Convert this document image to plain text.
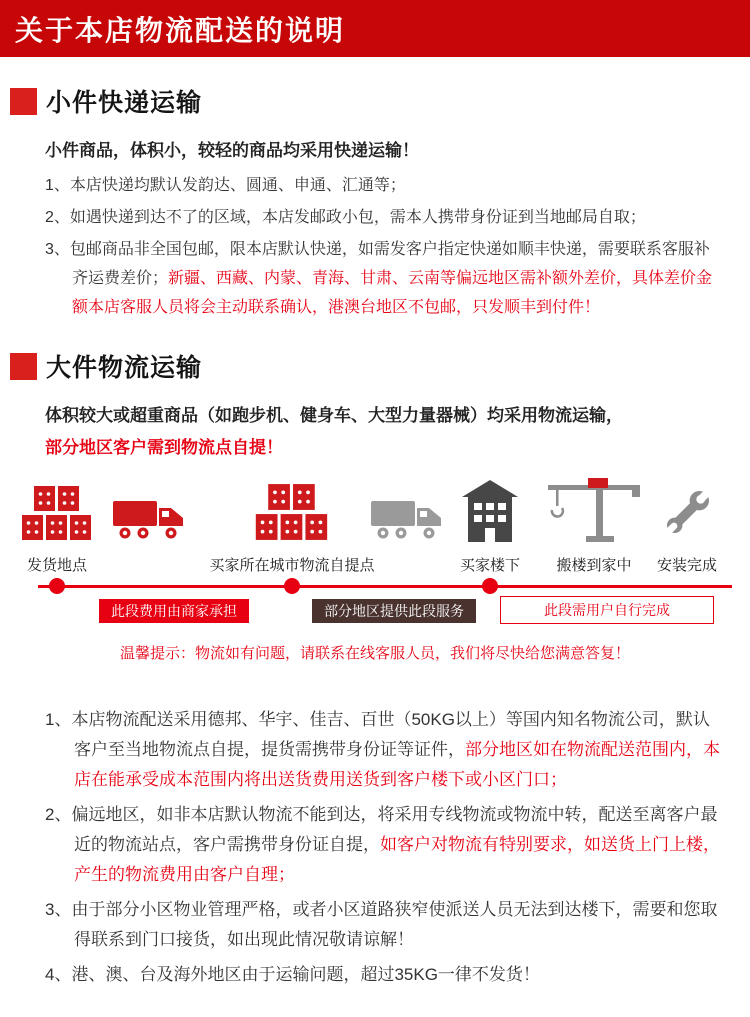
关于本店物流配送的说明
小件快递运输

小件商品，体积小，较轻的商品均采用快递运输！

1、本店快递均默认发韵达、圆通、申通、汇通等；

2、如遇快递到达不了的区域，本店发邮政小包，需本人携带身份证到当地邮局自取；

3、包邮商品非全国包邮，限本店默认快递，如需发客户指定快递如顺丰快递，需要联系客服补齐运费差价；新疆、西藏、内蒙、青海、甘肃、云南等偏远地区需补额外差价，具体差价金额本店客服人员将会主动联系确认，港澳台地区不包邮，只发顺丰到付件！

大件物流运输

体积较大或超重商品（如跑步机、健身车、大型力量器械）均采用物流运输，

部分地区客户需到物流点自提！

发货地点	买家所在城市物流自提点	买家楼下	搬楼到家中	安装完成
此段费用由商家承担	部分地区提供此段服务	此段需用户自行完成

温馨提示：物流如有问题，请联系在线客服人员，我们将尽快给您满意答复！

1、本店物流配送采用德邦、华宇、佳吉、百世（50KG以上）等国内知名物流公司，默认客户至当地物流点自提，提货需携带身份证等证件，部分地区如在物流配送范围内，本店在能承受成本范围内将出送货费用送货到客户楼下或小区门口；

2、偏远地区，如非本店默认物流不能到达，将采用专线物流或物流中转，配送至离客户最近的物流站点，客户需携带身份证自提，如客户对物流有特别要求，如送货上门上楼，产生的物流费用由客户自理；

3、由于部分小区物业管理严格，或者小区道路狭窄使派送人员无法到达楼下，需要和您取得联系到门口接货，如出现此情况敬请谅解！

4、港、澳、台及海外地区由于运输问题，超过35KG一律不发货！
